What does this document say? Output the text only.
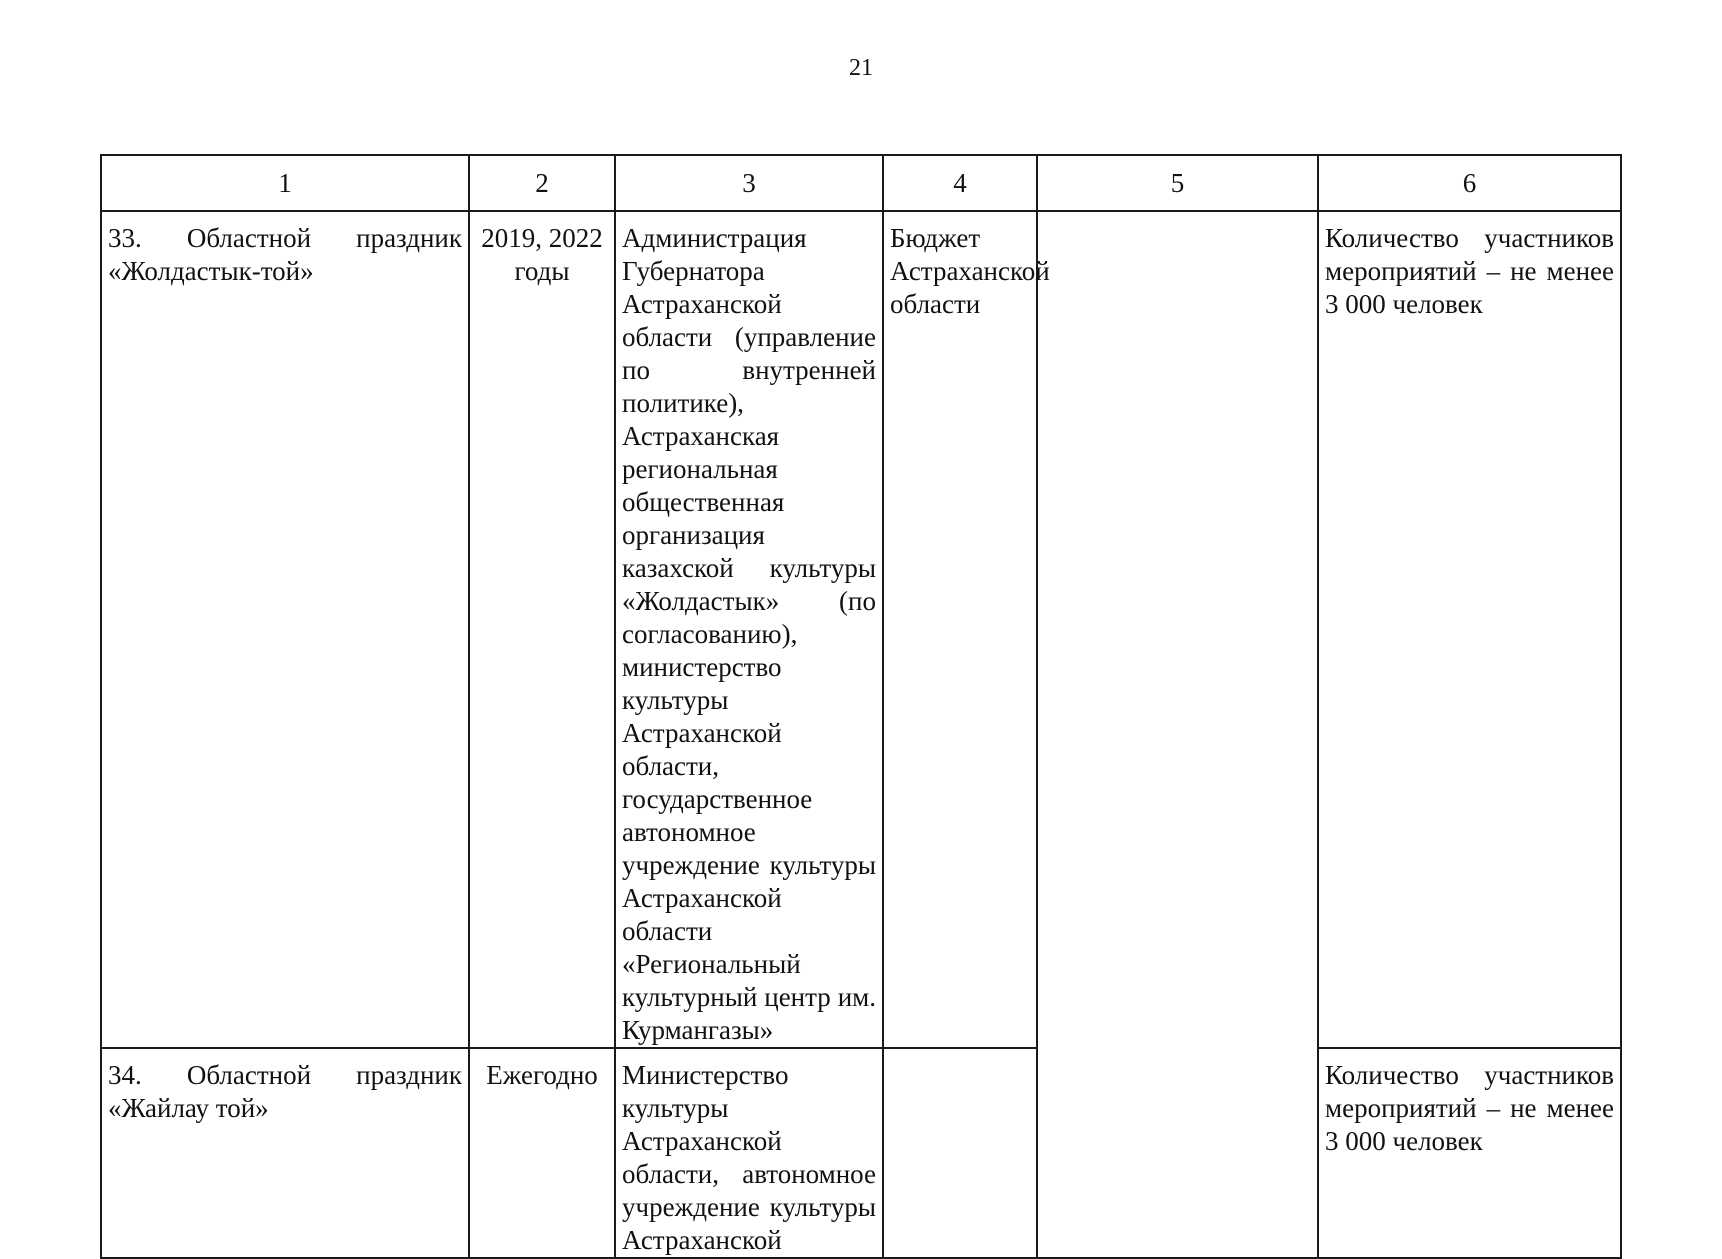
21
1	2	3	4	5	6
33. Областной праздник «Жолдастык-той»	2019, 2022 годы	Администрация Губернатора Астраханской области (управление по внутренней политике), Астраханская региональная общественная организация казахской культуры «Жолдастык» (по согласованию), министерство культуры Астраханской области, государственное автономное учреждение культуры Астраханской области «Региональный культурный центр им. Курмангазы»	Бюджет Астраханской области		Количество участников мероприятий – не менее 3 000 человек
34. Областной праздник «Жайлау той»	Ежегодно	Министерство культуры Астраханской области, автономное учреждение культуры Астраханской			Количество участников мероприятий – не менее 3 000 человек
